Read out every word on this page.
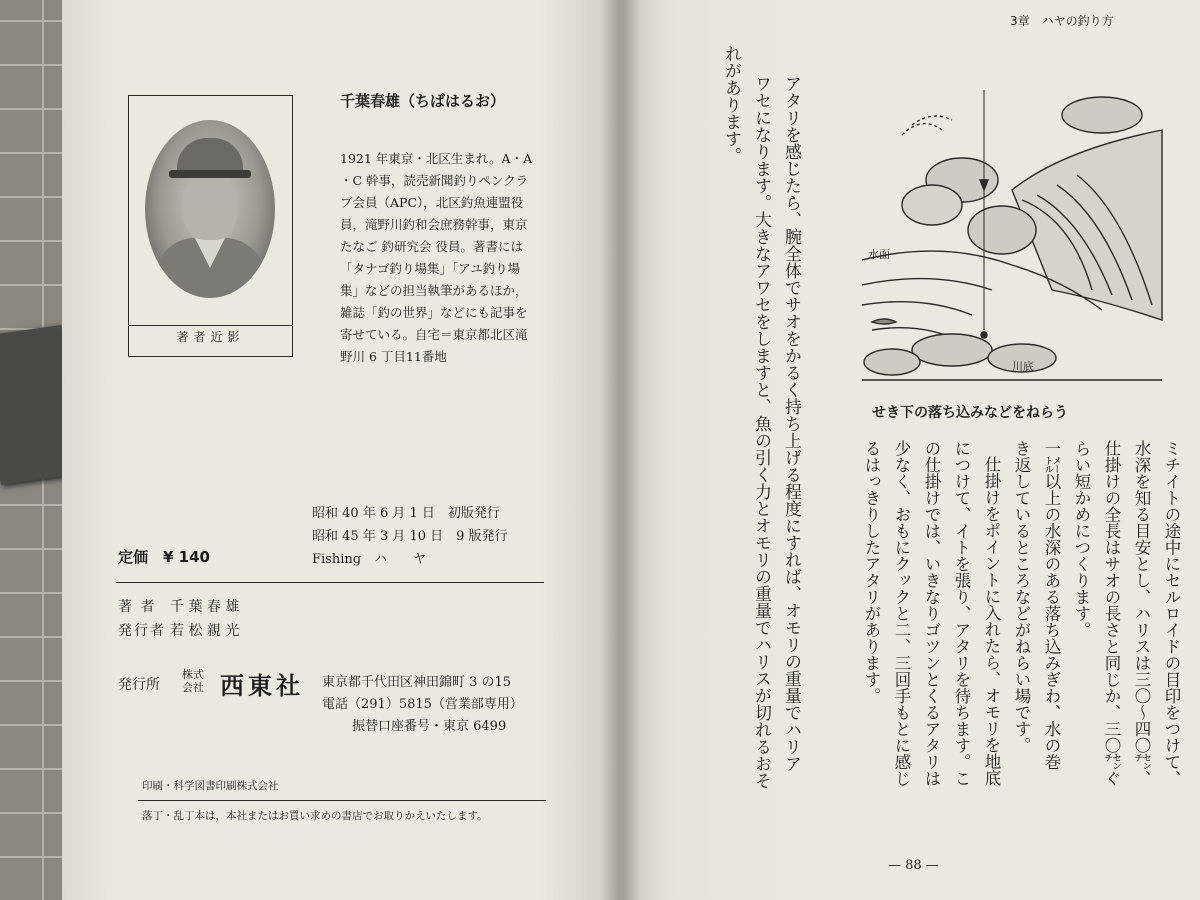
著者近影
千葉春雄（ちばはるお）
1921 年東京・北区生まれ。A・A
・C 幹事，読売新聞釣りペンクラ
ブ会員（APC），北区釣魚連盟役
員，滝野川釣和会庶務幹事，東京
たなご 釣研究会 役員。著書には
「タナゴ釣り場集」「アユ釣り場
集」などの担当執筆があるほか，
雑誌「釣の世界」などにも記事を
寄せている。自宅＝東京都北区滝
野川 6 丁目11番地
昭和 40 年 6 月 1 日　初版発行
昭和 45 年 3 月 10 日　9 版発行
Fishing　ハ　　ヤ
定価　¥ 140
著 者 千 葉 春 雄
発行者 若 松 親 光
発行所
株式会社 西東社 東京都千代田区神田錦町 3 の15
電話（291）5815（営業部専用）
振替口座番号・東京 6499
印刷・科学図書印刷株式会社
落丁・乱丁本は，本社またはお買い求めの書店でお取りかえいたします。
3章　ハヤの釣り方
水面
川底
せき下の落ち込みなどをねらう
アタリを感じたら、腕全体でサオをかるく持ち上げる程度にすれば、オモリの重量でハリア
ワセになります。大きなアワセをしますと、魚の引く力とオモリの重量でハリスが切れるおそ
れがあります。
ミチイトの途中にセルロイドの目印をつけて、
水深を知る目安とし、ハリスは三〇～四〇㌢、
仕掛けの全長はサオの長さと同じか、三〇㌢ぐ
らい短かめにつくります。
一㍍以上の水深のある落ち込みぎわ、水の巻
き返しているところなどがねらい場です。
仕掛けをポイントに入れたら、オモリを地底
につけて、イトを張り、アタリを待ちます。こ
の仕掛けでは、いきなりゴツンとくるアタリは
少なく、おもにクックと二、三回手もとに感じ
るはっきりしたアタリがあります。
— 88 —
